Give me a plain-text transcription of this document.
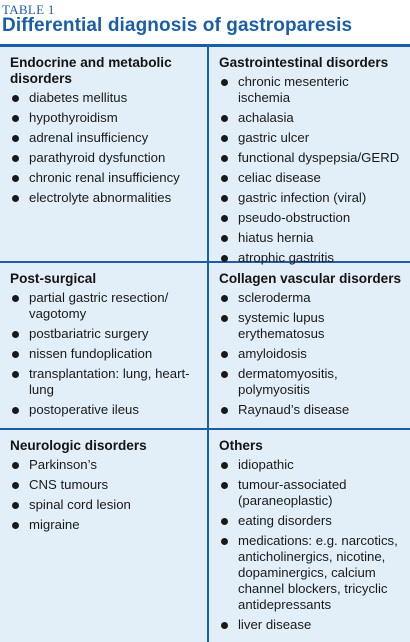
TABLE 1
Differential diagnosis of gastroparesis
Endocrine and metabolic disorders
diabetes mellitus
hypothyroidism
adrenal insufficiency
parathyroid dysfunction
chronic renal insufficiency
electrolyte abnormalities
Gastrointestinal disorders
chronic mesenteric ischemia
achalasia
gastric ulcer
functional dyspepsia/GERD
celiac disease
gastric infection (viral)
pseudo-obstruction
hiatus hernia
atrophic gastritis
Post-surgical
partial gastric resection/ vagotomy
postbariatric surgery
nissen fundoplication
transplantation: lung, heart-lung
postoperative ileus
Collagen vascular disorders
scleroderma
systemic lupus erythematosus
amyloidosis
dermatomyositis, polymyositis
Raynaud’s disease
Neurologic disorders
Parkinson’s
CNS tumours
spinal cord lesion
migraine
Others
idiopathic
tumour-associated (paraneoplastic)
eating disorders
medications: e.g. narcotics, anticholinergics, nicotine, dopaminergics, calcium channel blockers, tricyclic antidepressants
liver disease
